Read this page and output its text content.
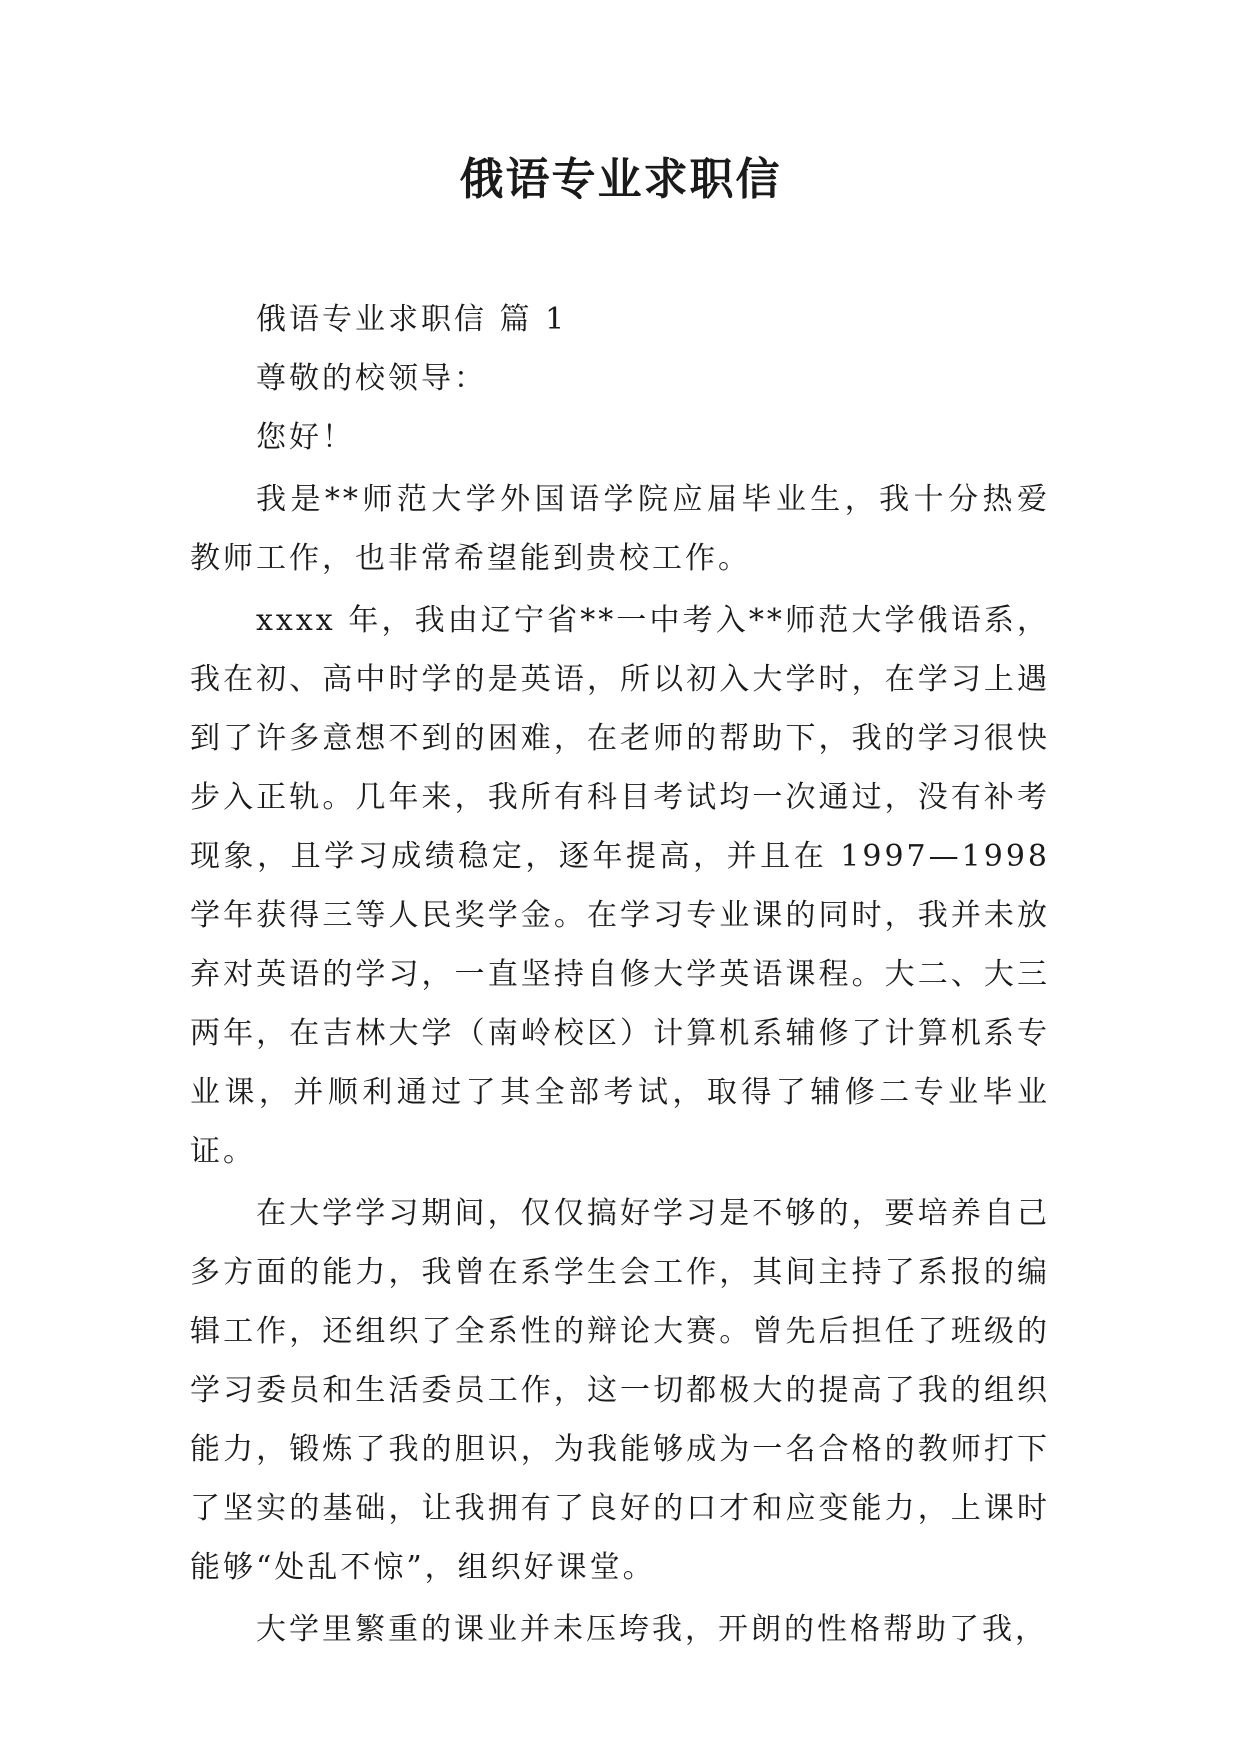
俄语专业求职信

俄语专业求职信 篇 1

尊敬的校领导：

您好！

我是**师范大学外国语学院应届毕业生，我十分热爱教师工作，也非常希望能到贵校工作。

xxxx 年，我由辽宁省**一中考入**师范大学俄语系，我在初、高中时学的是英语，所以初入大学时，在学习上遇到了许多意想不到的困难，在老师的帮助下，我的学习很快步入正轨。几年来，我所有科目考试均一次通过，没有补考现象，且学习成绩稳定，逐年提高，并且在 1997—1998 学年获得三等人民奖学金。在学习专业课的同时，我并未放弃对英语的学习，一直坚持自修大学英语课程。大二、大三两年，在吉林大学（南岭校区）计算机系辅修了计算机系专业课，并顺利通过了其全部考试，取得了辅修二专业毕业证。

在大学学习期间，仅仅搞好学习是不够的，要培养自己多方面的能力，我曾在系学生会工作，其间主持了系报的编辑工作，还组织了全系性的辩论大赛。曾先后担任了班级的学习委员和生活委员工作，这一切都极大的提高了我的组织能力，锻炼了我的胆识，为我能够成为一名合格的教师打下了坚实的基础，让我拥有了良好的口才和应变能力，上课时能够“处乱不惊”，组织好课堂。

大学里繁重的课业并未压垮我，开朗的性格帮助了我，
